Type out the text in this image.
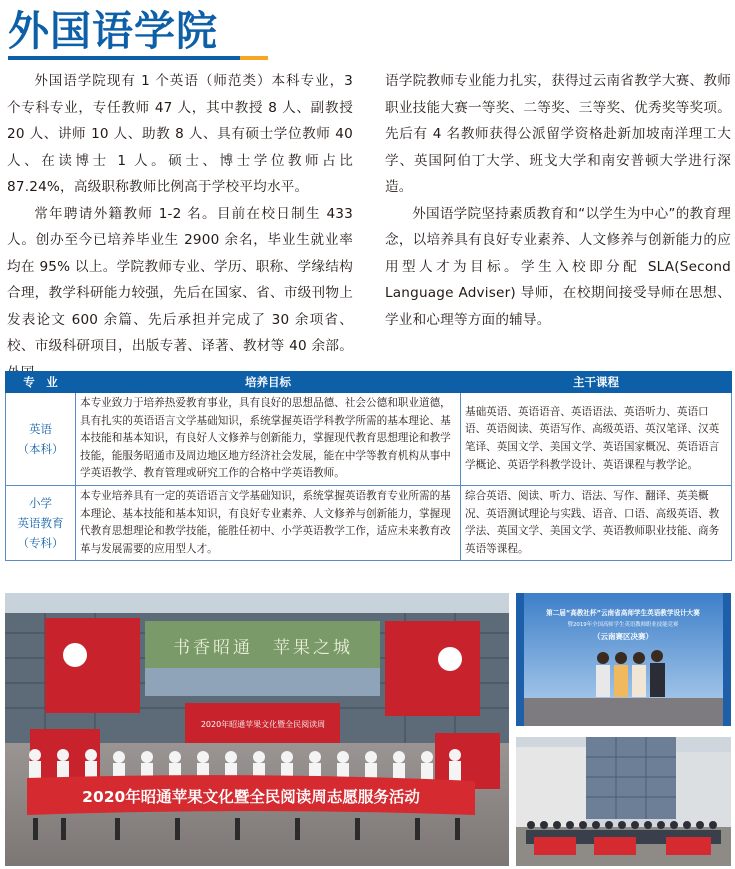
外国语学院

外国语学院现有 1 个英语（师范类）本科专业，3 个专科专业，专任教师 47 人，其中教授 8 人、副教授 20 人、讲师 10 人、助教 8 人、具有硕士学位教师 40 人、在读博士 1 人。硕士、博士学位教师占比 87.24%，高级职称教师比例高于学校平均水平。

常年聘请外籍教师 1-2 名。目前在校日制生 433 人。创办至今已培养毕业生 2900 余名，毕业生就业率均在 95% 以上。学院教师专业、学历、职称、学缘结构合理，教学科研能力较强，先后在国家、省、市级刊物上发表论文 600 余篇、先后承担并完成了 30 余项省、校、市级科研项目，出版专著、译著、教材等 40 余部。

语学院教师专业能力扎实，获得过云南省教学大赛、教师职业技能大赛一等奖、二等奖、三等奖、优秀奖等奖项。先后有 4 名教师获得公派留学资格赴新加坡南洋理工大学、英国阿伯丁大学、班戈大学和南安普顿大学进行深造。

外国语学院坚持素质教育和“以学生为中心”的教育理念，以培养具有良好专业素养、人文修养与创新能力的应用型人才为目标。学生入校即分配 SLA(Second Language Adviser) 导师，在校期间接受导师在思想、学业和心理等方面的辅导。

专　业	培养目标	主干课程

英语
（本科）	本专业致力于培养热爱教育事业，具有良好的思想品德、社会公德和职业道德，具有扎实的英语语言文学基础知识，系统掌握英语学科教学所需的基本理论、基本技能和基本知识，有良好人文修养与创新能力，掌握现代教育思想理论和教学技能，能服务昭通市及周边地区地方经济社会发展，能在中学等教育机构从事中学英语教学、教育管理或研究工作的合格中学英语教师。	基础英语、英语语音、英语语法、英语听力、英语口语、英语阅读、英语写作、高级英语、英汉笔译、汉英笔译、英国文学、美国文学、英语国家概况、英语语言学概论、英语学科教学设计、英语课程与教学论。

小学
英语教育
（专科）	本专业培养具有一定的英语语言文学基础知识，系统掌握英语教育专业所需的基本理论、基本技能和基本知识，有良好专业素养、人文修养与创新能力，掌握现代教育思想理论和教学技能，能胜任初中、小学英语教学工作，适应未来教育改革与发展需要的应用型人才。	综合英语、阅读、听力、语法、写作、翻译、英美概况、英语测试理论与实践、语音、口语、高级英语、教学法、英国文学、美国文学、英语教师职业技能、商务英语等课程。
书香昭通　苹果之城
2020年昭通苹果文化暨全民阅读周
2020年昭通苹果文化暨全民阅读周志愿服务活动
第二届“高教社杯”云南省高师学生英语教学设计大赛
暨2019年全国高师学生英语教师职业技能竞赛
（云南赛区决赛）
